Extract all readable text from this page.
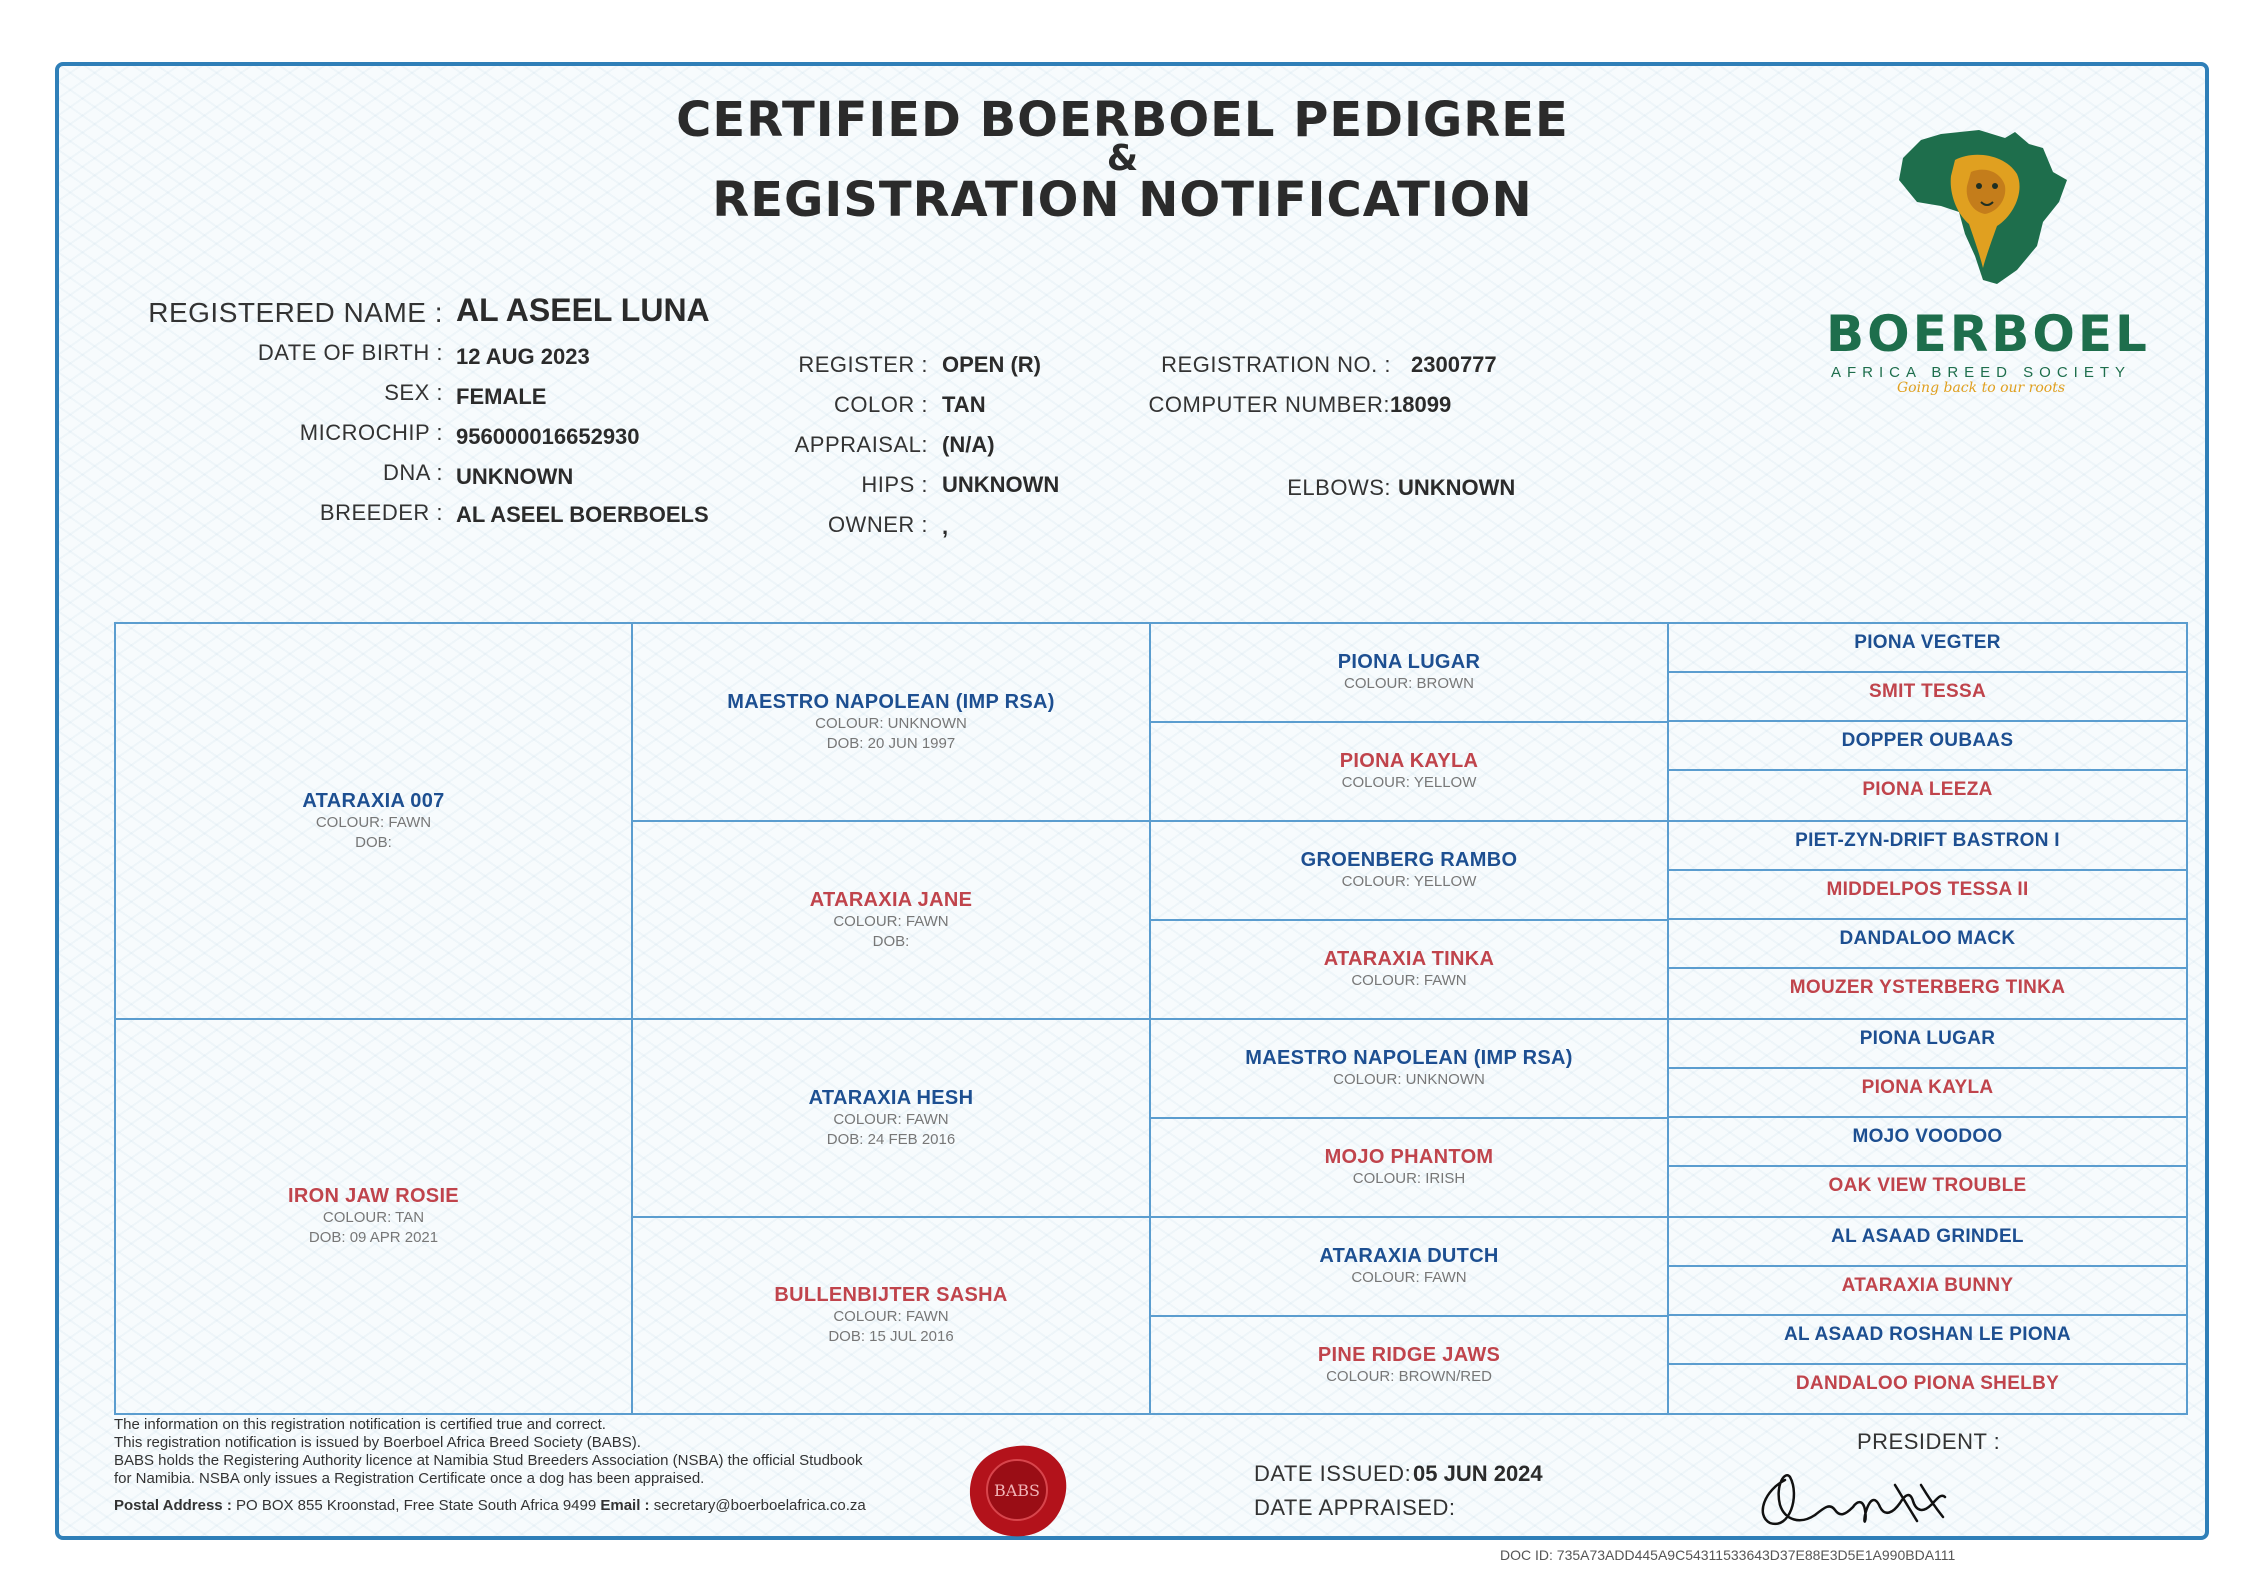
CERTIFIED BOERBOEL PEDIGREE
&
REGISTRATION NOTIFICATION
BOERBOEL
AFRICA BREED SOCIETY
Going back to our roots
REGISTERED NAME : AL ASEEL LUNA
DATE OF BIRTH : 12 AUG 2023
SEX : FEMALE
MICROCHIP : 956000016652930
DNA : UNKNOWN
BREEDER : AL ASEEL BOERBOELS
REGISTER : OPEN (R)
COLOR : TAN
APPRAISAL: (N/A)
HIPS : UNKNOWN
OWNER : ,
REGISTRATION NO. : 2300777
COMPUTER NUMBER: 18099
ELBOWS: UNKNOWN
ATARAXIA 007
COLOUR: FAWN
DOB:
IRON JAW ROSIE
COLOUR: TAN
DOB: 09 APR 2021
MAESTRO NAPOLEAN (IMP RSA)
COLOUR: UNKNOWN
DOB: 20 JUN 1997
ATARAXIA JANE
COLOUR: FAWN
DOB:
ATARAXIA HESH
COLOUR: FAWN
DOB: 24 FEB 2016
BULLENBIJTER SASHA
COLOUR: FAWN
DOB: 15 JUL 2016
PIONA LUGAR
COLOUR: BROWN
PIONA KAYLA
COLOUR: YELLOW
GROENBERG RAMBO
COLOUR: YELLOW
ATARAXIA TINKA
COLOUR: FAWN
MAESTRO NAPOLEAN (IMP RSA)
COLOUR: UNKNOWN
MOJO PHANTOM
COLOUR: IRISH
ATARAXIA DUTCH
COLOUR: FAWN
PINE RIDGE JAWS
COLOUR: BROWN/RED
PIONA VEGTER
SMIT TESSA
DOPPER OUBAAS
PIONA LEEZA
PIET-ZYN-DRIFT BASTRON I
MIDDELPOS TESSA II
DANDALOO MACK
MOUZER YSTERBERG TINKA
PIONA LUGAR
PIONA KAYLA
MOJO VOODOO
OAK VIEW TROUBLE
AL ASAAD GRINDEL
ATARAXIA BUNNY
AL ASAAD ROSHAN LE PIONA
DANDALOO PIONA SHELBY
The information on this registration notification is certified true and correct.
This registration notification is issued by Boerboel Africa Breed Society (BABS).
BABS holds the Registering Authority licence at Namibia Stud Breeders Association (NSBA) the official Studbook
for Namibia. NSBA only issues a Registration Certificate once a dog has been appraised.
Postal Address : PO BOX 855 Kroonstad, Free State South Africa 9499 Email : secretary@boerboelafrica.co.za
BABS
DATE ISSUED: 05 JUN 2024
DATE APPRAISED:
PRESIDENT :
DOC ID: 735A73ADD445A9C54311533643D37E88E3D5E1A990BDA111
